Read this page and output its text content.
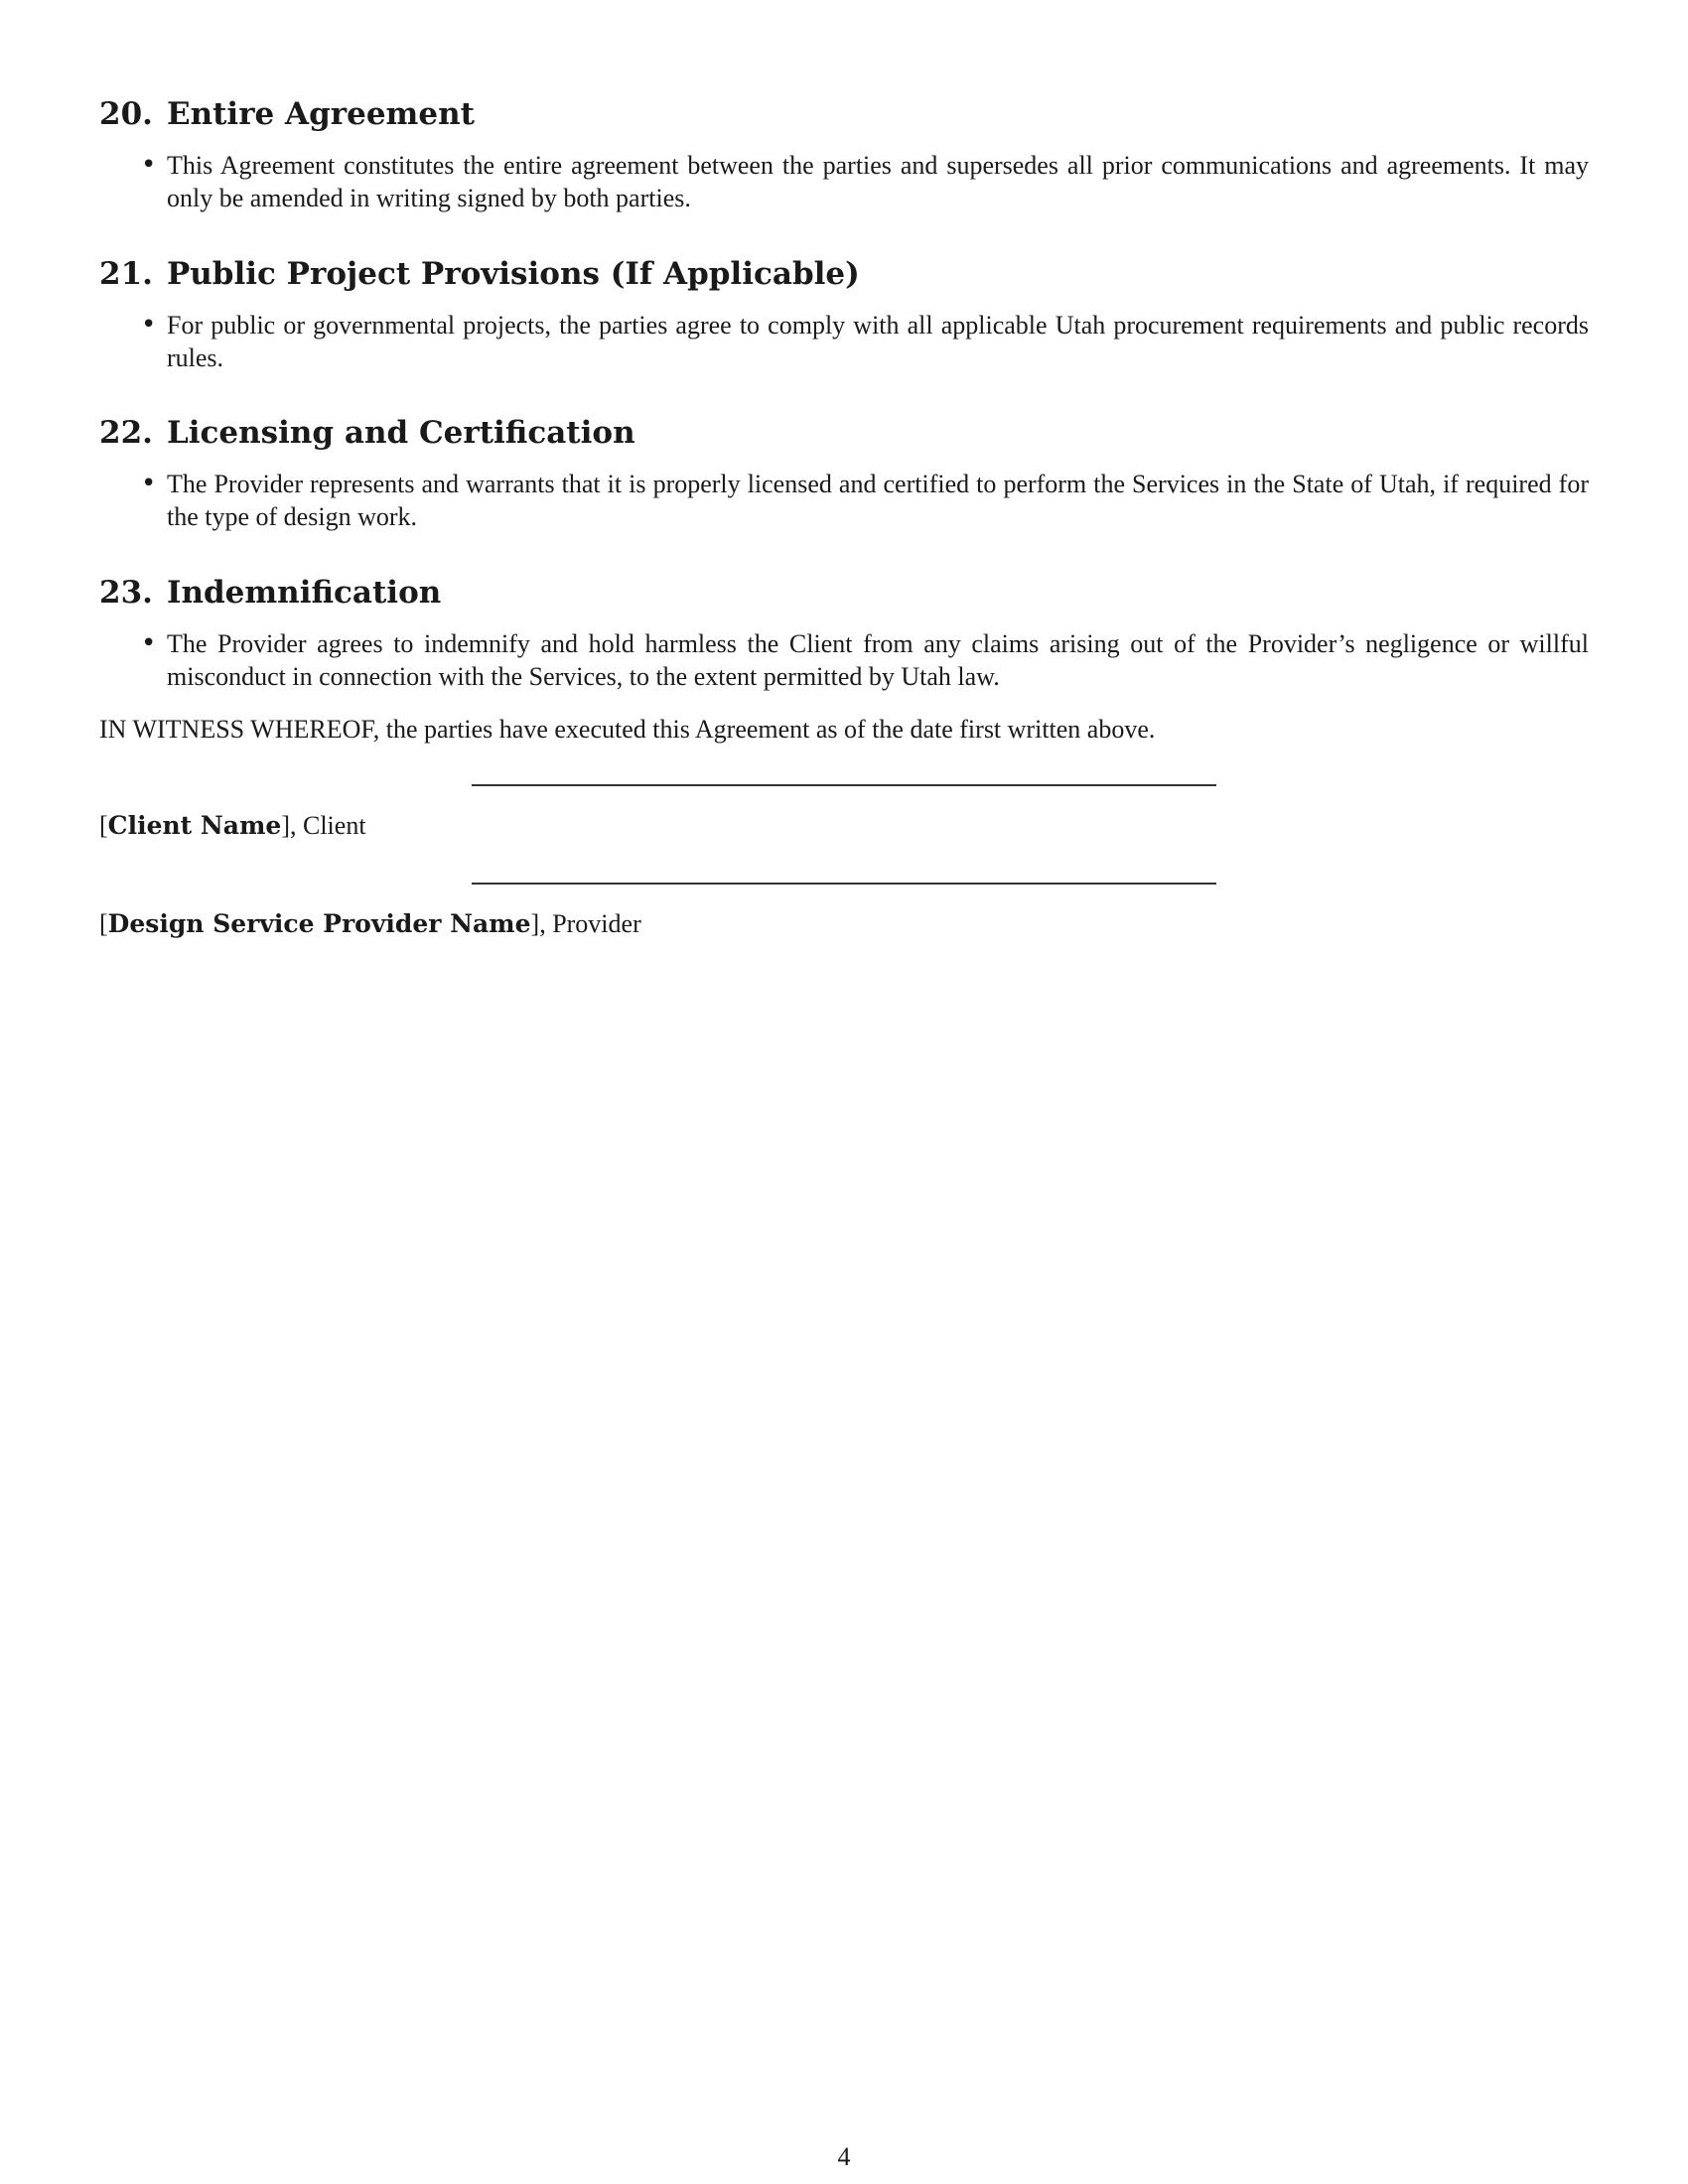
20. Entire Agreement
• This Agreement constitutes the entire agreement between the parties and supersedes all prior communications and agreements. It may only be amended in writing signed by both parties.

21. Public Project Provisions (If Applicable)
• For public or governmental projects, the parties agree to comply with all applicable Utah procurement requirements and public records rules.

22. Licensing and Certification
• The Provider represents and warrants that it is properly licensed and certified to perform the Services in the State of Utah, if required for the type of design work.

23. Indemnification
• The Provider agrees to indemnify and hold harmless the Client from any claims arising out of the Provider’s negligence or willful misconduct in connection with the Services, to the extent permitted by Utah law.

IN WITNESS WHEREOF, the parties have executed this Agreement as of the date first written above.
[Client Name], Client
[Design Service Provider Name], Provider
4
